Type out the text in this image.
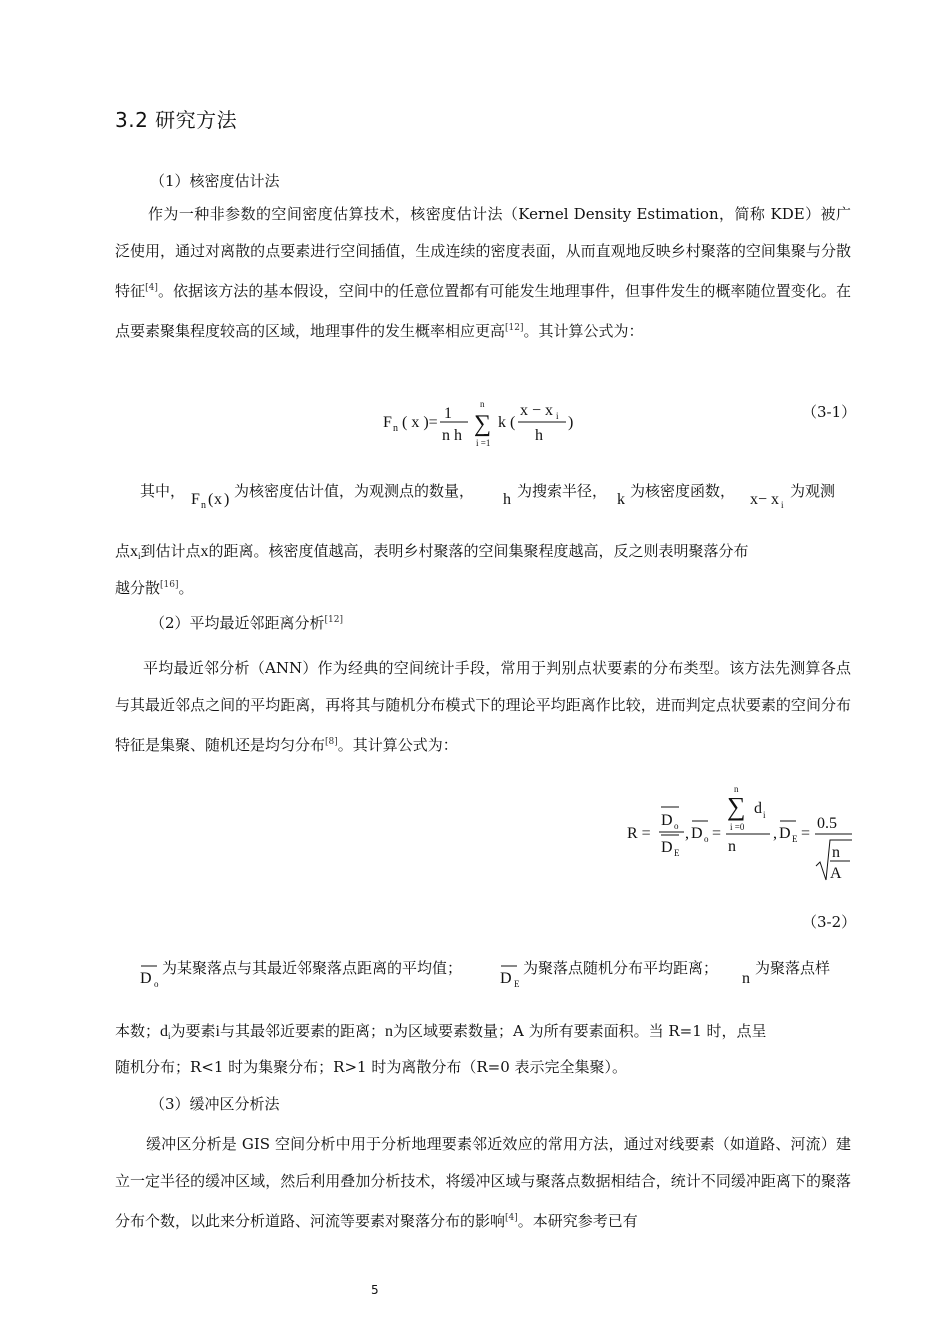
3.2 研究方法
（1）核密度估计法
作为一种非参数的空间密度估算技术，核密度估计法（Kernel Density Estimation，简称 KDE）被广泛使用，通过对离散的点要素进行空间插值，生成连续的密度表面，从而直观地反映乡村聚落的空间集聚与分散特征[4]。依据该方法的基本假设，空间中的任意位置都有可能发生地理事件，但事件发生的概率随位置变化。在点要素聚集程度较高的区域，地理事件的发生概率相应更高[12]。其计算公式为：
F n ( x )=
1
n h
n
∑
i =1
k (
x − x i
h
)
（3-1）
其中， F n ( x ) 为核密度估计值，为观测点的数量， h 为搜索半径， k 为核密度函数， x− x i
为观测
点$x_i$到估计点x的距离。核密度值越高，表明乡村聚落的空间集聚程度越高，反之则表明聚落分布
越分散[16]。
（2）平均最近邻距离分析[12]
平均最近邻分析（ANN）作为经典的空间统计手段，常用于判别点状要素的分布类型。该方法先测算各点与其最近邻点之间的平均距离，再将其与随机分布模式下的理论平均距离作比较，进而判定点状要素的空间分布特征是集聚、随机还是均匀分布[8]。其计算公式为：
R =
D o
D E
, D o =
n
∑
i =0
d i
n
, D E =
0.5
n
A
（3-2）
D o
为某聚落点与其最近邻聚落点距离的平均值；
D E
为聚落点随机分布平均距离；
n
为聚落点样
本数；$d_i$为要素i与其最邻近要素的距离；n为区域要素数量；A 为所有要素面积。当 R=1 时，点呈
随机分布；R<1 时为集聚分布；R>1 时为离散分布（R=0 表示完全集聚）。
（3）缓冲区分析法
缓冲区分析是 GIS 空间分析中用于分析地理要素邻近效应的常用方法，通过对线要素（如道路、河流）建立一定半径的缓冲区域，然后利用叠加分析技术，将缓冲区域与聚落点数据相结合，统计不同缓冲距离下的聚落分布个数，以此来分析道路、河流等要素对聚落分布的影响[4]。本研究参考已有
5
